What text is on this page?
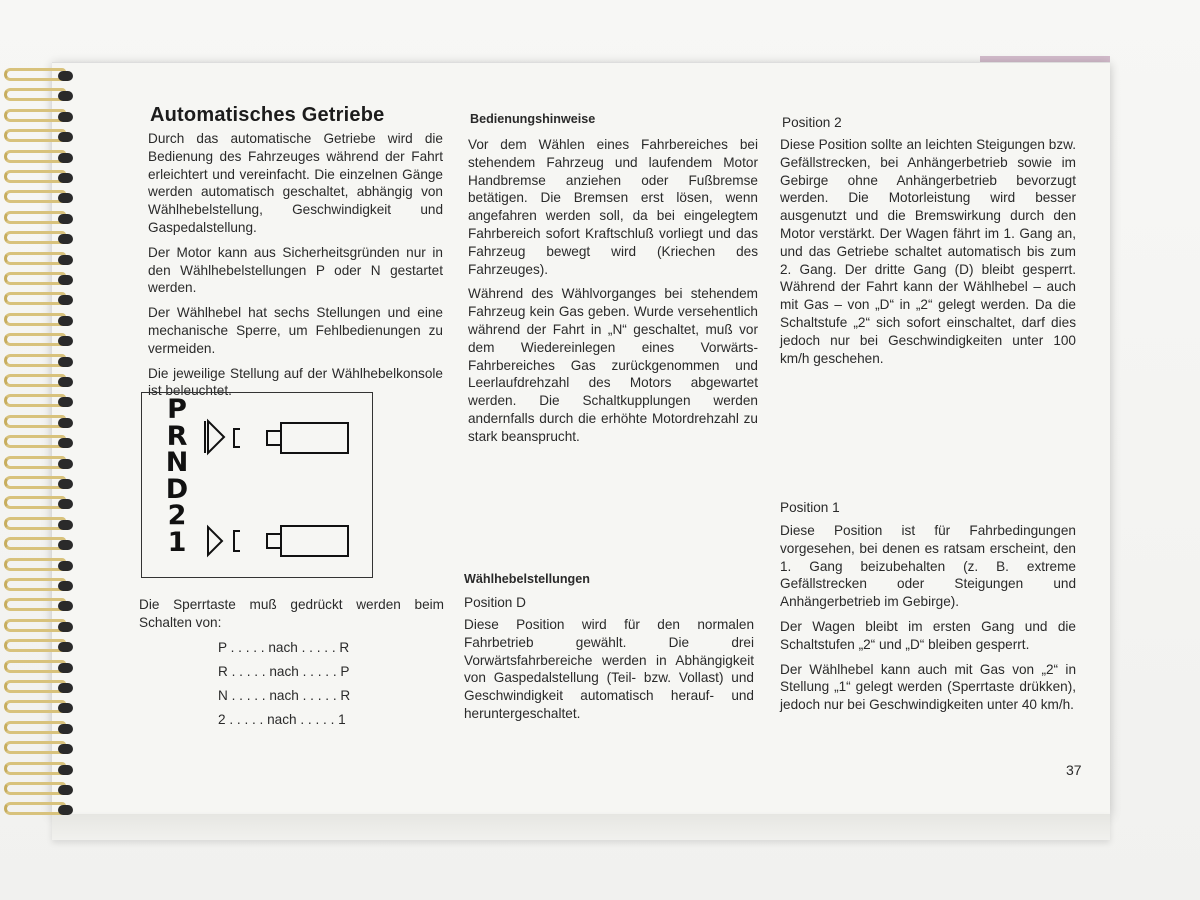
Automatisches Getriebe

Durch das automatische Getriebe wird die Bedienung des Fahrzeuges während der Fahrt erleichtert und vereinfacht. Die einzelnen Gänge werden automatisch geschaltet, abhängig von Wählhebelstellung, Geschwindigkeit und Gaspedalstellung.

Der Motor kann aus Sicherheitsgründen nur in den Wählhebelstellungen P oder N gestartet werden.

Der Wählhebel hat sechs Stellungen und eine mechanische Sperre, um Fehlbedienungen zu vermeiden.

Die jeweilige Stellung auf der Wählhebelkonsole ist beleuchtet.

P
R
N
D
2
1

Die Sperrtaste muß gedrückt werden beim Schalten von:

P . . . . . nach . . . . . R
R . . . . . nach . . . . . P
N . . . . . nach . . . . . R
2 . . . . . nach . . . . . 1
Bedienungshinweise

Vor dem Wählen eines Fahrbereiches bei stehendem Fahrzeug und laufendem Motor Handbremse anziehen oder Fußbremse betätigen. Die Bremsen erst lösen, wenn angefahren werden soll, da bei eingelegtem Fahrbereich sofort Kraftschluß vorliegt und das Fahrzeug bewegt wird (Kriechen des Fahrzeuges).

Während des Wählvorganges bei stehendem Fahrzeug kein Gas geben. Wurde versehentlich während der Fahrt in „N“ geschaltet, muß vor dem Wiedereinlegen eines Vorwärts-Fahrbereiches Gas zurückgenommen und Leerlaufdrehzahl des Motors abgewartet werden. Die Schaltkupplungen werden andernfalls durch die erhöhte Motordrehzahl zu stark beansprucht.

Wählhebelstellungen
Position D

Diese Position wird für den normalen Fahrbetrieb gewählt. Die drei Vorwärtsfahrbereiche werden in Abhängigkeit von Gaspedalstellung (Teil- bzw. Vollast) und Geschwindigkeit automatisch herauf- und heruntergeschaltet.

Position 2

Diese Position sollte an leichten Steigungen bzw. Gefällstrecken, bei Anhängerbetrieb sowie im Gebirge ohne Anhängerbetrieb bevorzugt werden. Die Motorleistung wird besser ausgenutzt und die Bremswirkung durch den Motor verstärkt. Der Wagen fährt im 1. Gang an, und das Getriebe schaltet automatisch bis zum 2. Gang. Der dritte Gang (D) bleibt gesperrt. Während der Fahrt kann der Wählhebel – auch mit Gas – von „D“ in „2“ gelegt werden. Da die Schaltstufe „2“ sich sofort einschaltet, darf dies jedoch nur bei Geschwindigkeiten unter 100 km/h geschehen.

Position 1

Diese Position ist für Fahrbedingungen vorgesehen, bei denen es ratsam erscheint, den 1. Gang beizubehalten (z. B. extreme Gefällstrecken oder Steigungen und Anhängerbetrieb im Gebirge).

Der Wagen bleibt im ersten Gang und die Schaltstufen „2“ und „D“ bleiben gesperrt.

Der Wählhebel kann auch mit Gas von „2“ in Stellung „1“ gelegt werden (Sperrtaste drükken), jedoch nur bei Geschwindigkeiten unter 40 km/h.

37
